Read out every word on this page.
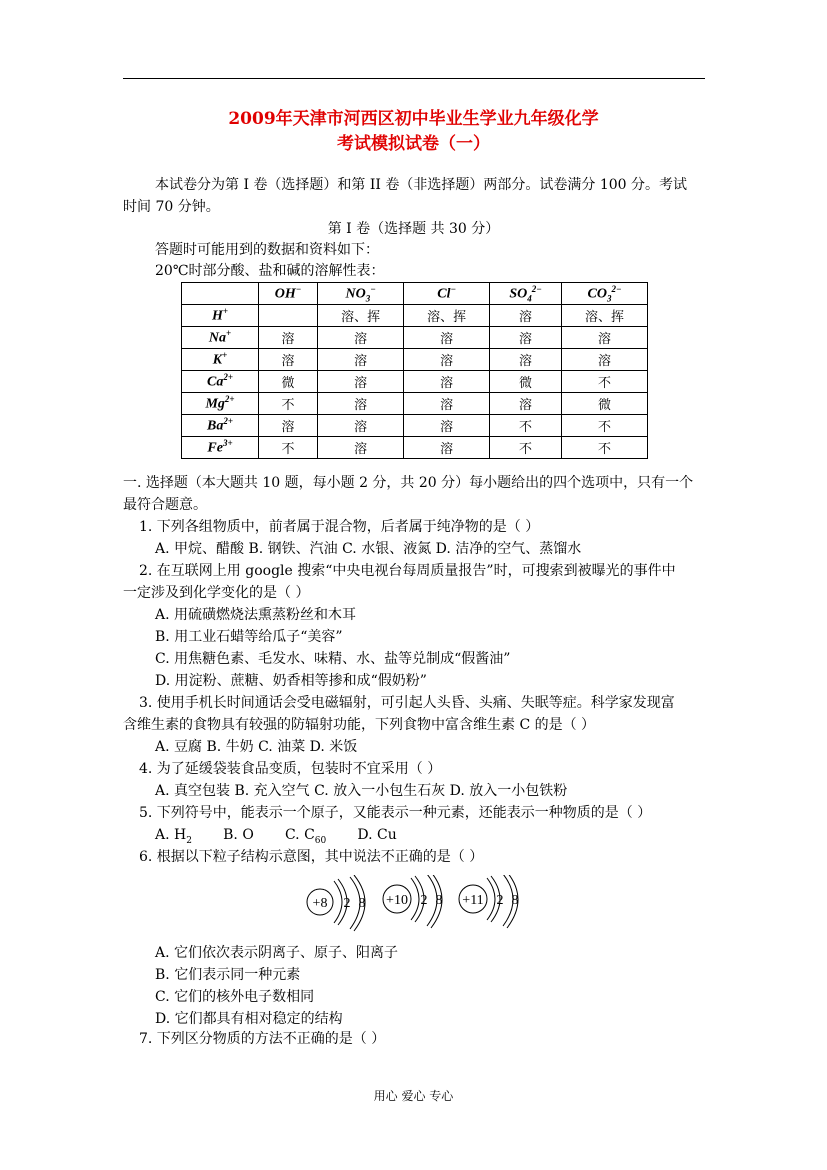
2009年天津市河西区初中毕业生学业九年级化学
考试模拟试卷（一）
本试卷分为第 I 卷（选择题）和第 II 卷（非选择题）两部分。试卷满分 100 分。考试
时间 70 分钟。
第 I 卷（选择题 共 30 分）
答题时可能用到的数据和资料如下：
20℃时部分酸、盐和碱的溶解性表：
	OH−	$NO_3^-$	Cl−	$SO_4^{2-}$	$CO_3^{2-}$
H+		溶、挥	溶、挥	溶	溶、挥
Na+	溶	溶	溶	溶	溶
K+	溶	溶	溶	溶	溶
$Ca^{2+}$	微	溶	溶	微	不
$Mg^{2+}$	不	溶	溶	溶	微
$Ba^{2+}$	溶	溶	溶	不	不
$Fe^{3+}$	不	溶	溶	不	不
一. 选择题（本大题共 10 题，每小题 2 分，共 20 分）每小题给出的四个选项中，只有一个
最符合题意。
1. 下列各组物质中，前者属于混合物，后者属于纯净物的是（ ）
A. 甲烷、醋酸 B. 钢铁、汽油 C. 水银、液氮 D. 洁净的空气、蒸馏水
2. 在互联网上用 google 搜索“中央电视台每周质量报告”时，可搜索到被曝光的事件中
一定涉及到化学变化的是（ ）
A. 用硫磺燃烧法熏蒸粉丝和木耳
B. 用工业石蜡等给瓜子“美容”
C. 用焦糖色素、毛发水、味精、水、盐等兑制成“假酱油”
D. 用淀粉、蔗糖、奶香相等掺和成“假奶粉”
3. 使用手机长时间通话会受电磁辐射，可引起人头昏、头痛、失眠等症。科学家发现富
含维生素的食物具有较强的防辐射功能，下列食物中富含维生素 C 的是（ ）
A. 豆腐 B. 牛奶 C. 油菜 D. 米饭
4. 为了延缓袋装食品变质，包装时不宜采用（ ）
A. 真空包装 B. 充入空气 C. 放入一小包生石灰 D. 放入一小包铁粉
5. 下列符号中，能表示一个原子，又能表示一种元素，还能表示一种物质的是（ ）
A. $H_2$ B. O C. $C_{60}$ D. Cu
6. 根据以下粒子结构示意图，其中说法不正确的是（ ）
+8 2 8 +10 2 8 +11 2 8
A. 它们依次表示阴离子、原子、阳离子
B. 它们表示同一种元素
C. 它们的核外电子数相同
D. 它们都具有相对稳定的结构
7. 下列区分物质的方法不正确的是（ ）
用心 爱心 专心
